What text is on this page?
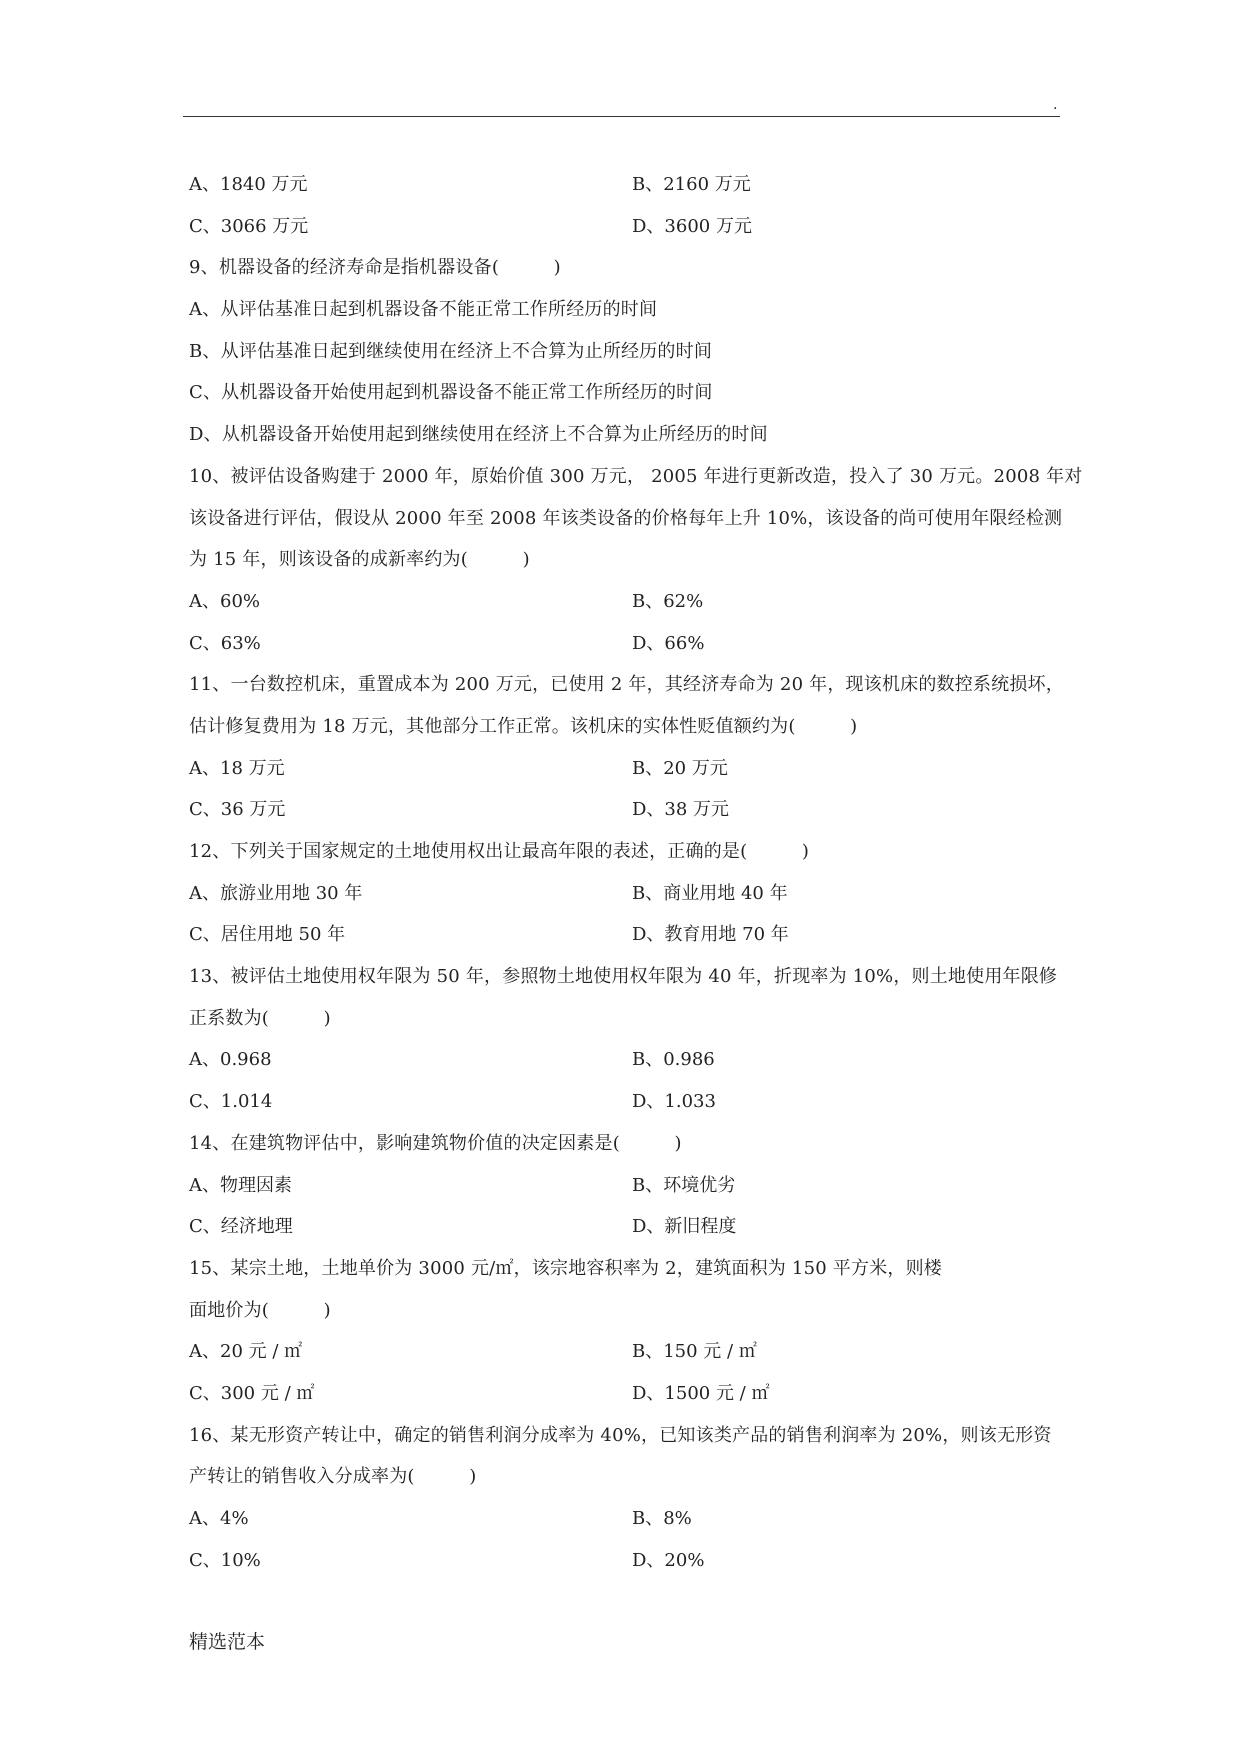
.
A、1840 万元	B、2160 万元
C、3066 万元	D、3600 万元
9、机器设备的经济寿命是指机器设备(　　　)
A、从评估基准日起到机器设备不能正常工作所经历的时间
B、从评估基准日起到继续使用在经济上不合算为止所经历的时间
C、从机器设备开始使用起到机器设备不能正常工作所经历的时间
D、从机器设备开始使用起到继续使用在经济上不合算为止所经历的时间
10、被评估设备购建于 2000 年，原始价值 300 万元， 2005 年进行更新改造，投入了 30 万元。2008 年对
该设备进行评估，假设从 2000 年至 2008 年该类设备的价格每年上升 10%，该设备的尚可使用年限经检测
为 15 年，则该设备的成新率约为(　　　)
A、60%	B、62%
C、63%	D、66%
11、一台数控机床，重置成本为 200 万元，已使用 2 年，其经济寿命为 20 年，现该机床的数控系统损坏，
估计修复费用为 18 万元，其他部分工作正常。该机床的实体性贬值额约为(　　　)
A、18 万元	B、20 万元
C、36 万元	D、38 万元
12、下列关于国家规定的土地使用权出让最高年限的表述，正确的是(　　　)
A、旅游业用地 30 年	B、商业用地 40 年
C、居住用地 50 年	D、教育用地 70 年
13、被评估土地使用权年限为 50 年，参照物土地使用权年限为 40 年，折现率为 10%，则土地使用年限修
正系数为(　　　)
A、0.968	B、0.986
C、1.014	D、1.033
14、在建筑物评估中，影响建筑物价值的决定因素是(　　　)
A、物理因素	B、环境优劣
C、经济地理	D、新旧程度
15、某宗土地，土地单价为 3000 元/㎡，该宗地容积率为 2，建筑面积为 150 平方米，则楼
面地价为(　　　)
A、20 元 / ㎡	B、150 元 / ㎡
C、300 元 / ㎡	D、1500 元 / ㎡
16、某无形资产转让中，确定的销售利润分成率为 40%，已知该类产品的销售利润率为 20%，则该无形资
产转让的销售收入分成率为(　　　)
A、4%	B、8%
C、10%	D、20%
精选范本
